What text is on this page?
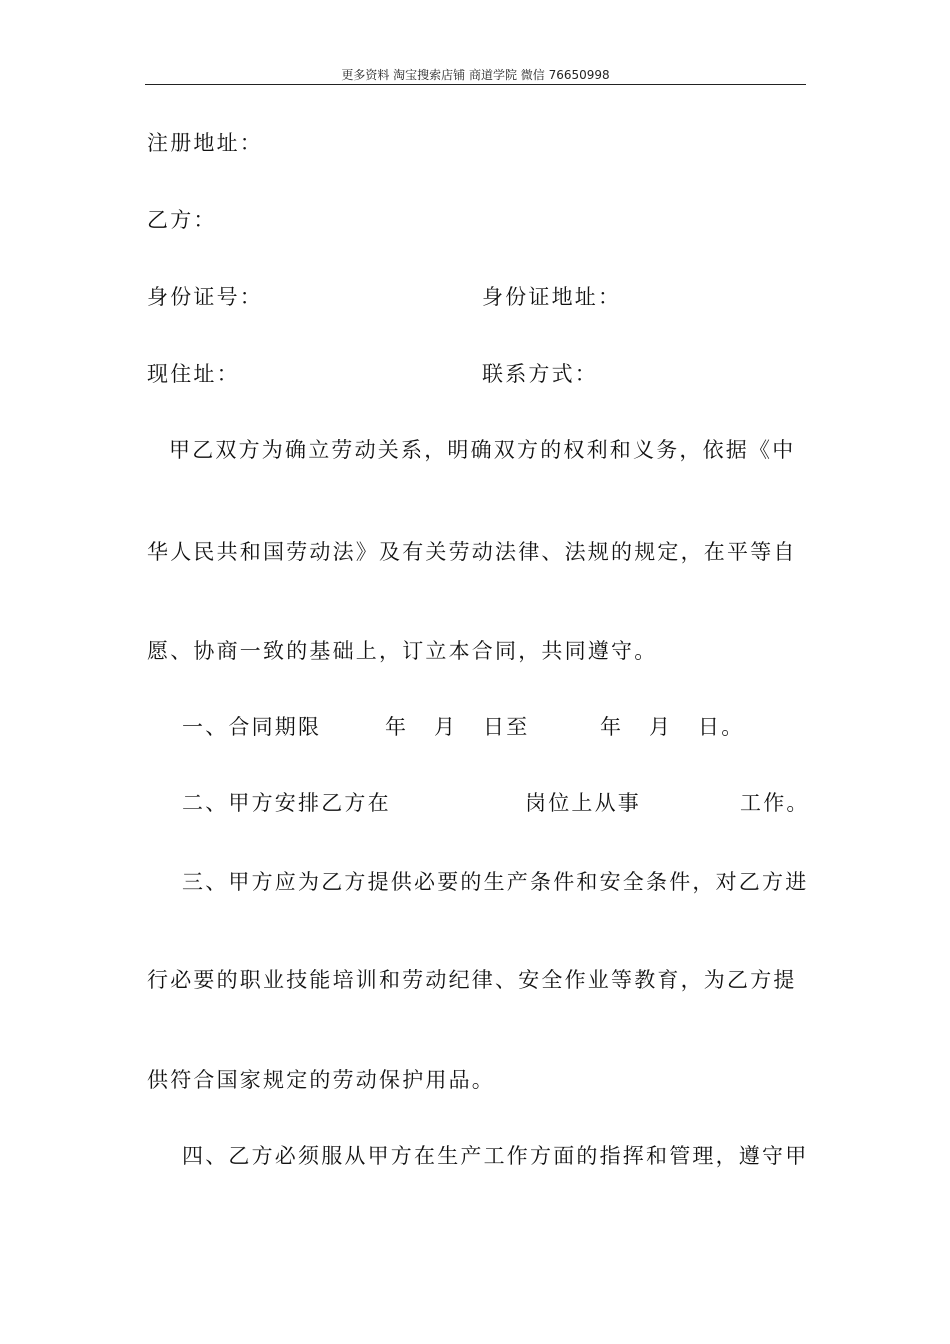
更多资料 淘宝搜索店铺 商道学院 微信 76650998
注册地址：
乙方：
身份证号：	身份证地址：
现住址：	联系方式：
甲乙双方为确立劳动关系，明确双方的权利和义务，依据《中
华人民共和国劳动法》及有关劳动法律、法规的规定，在平等自
愿、协商一致的基础上，订立本合同，共同遵守。
一、合同期限	年 月 日至	年 月 日。
二、甲方安排乙方在	岗位上从事	工作。
三、甲方应为乙方提供必要的生产条件和安全条件，对乙方进
行必要的职业技能培训和劳动纪律、安全作业等教育，为乙方提
供符合国家规定的劳动保护用品。
四、乙方必须服从甲方在生产工作方面的指挥和管理，遵守甲
